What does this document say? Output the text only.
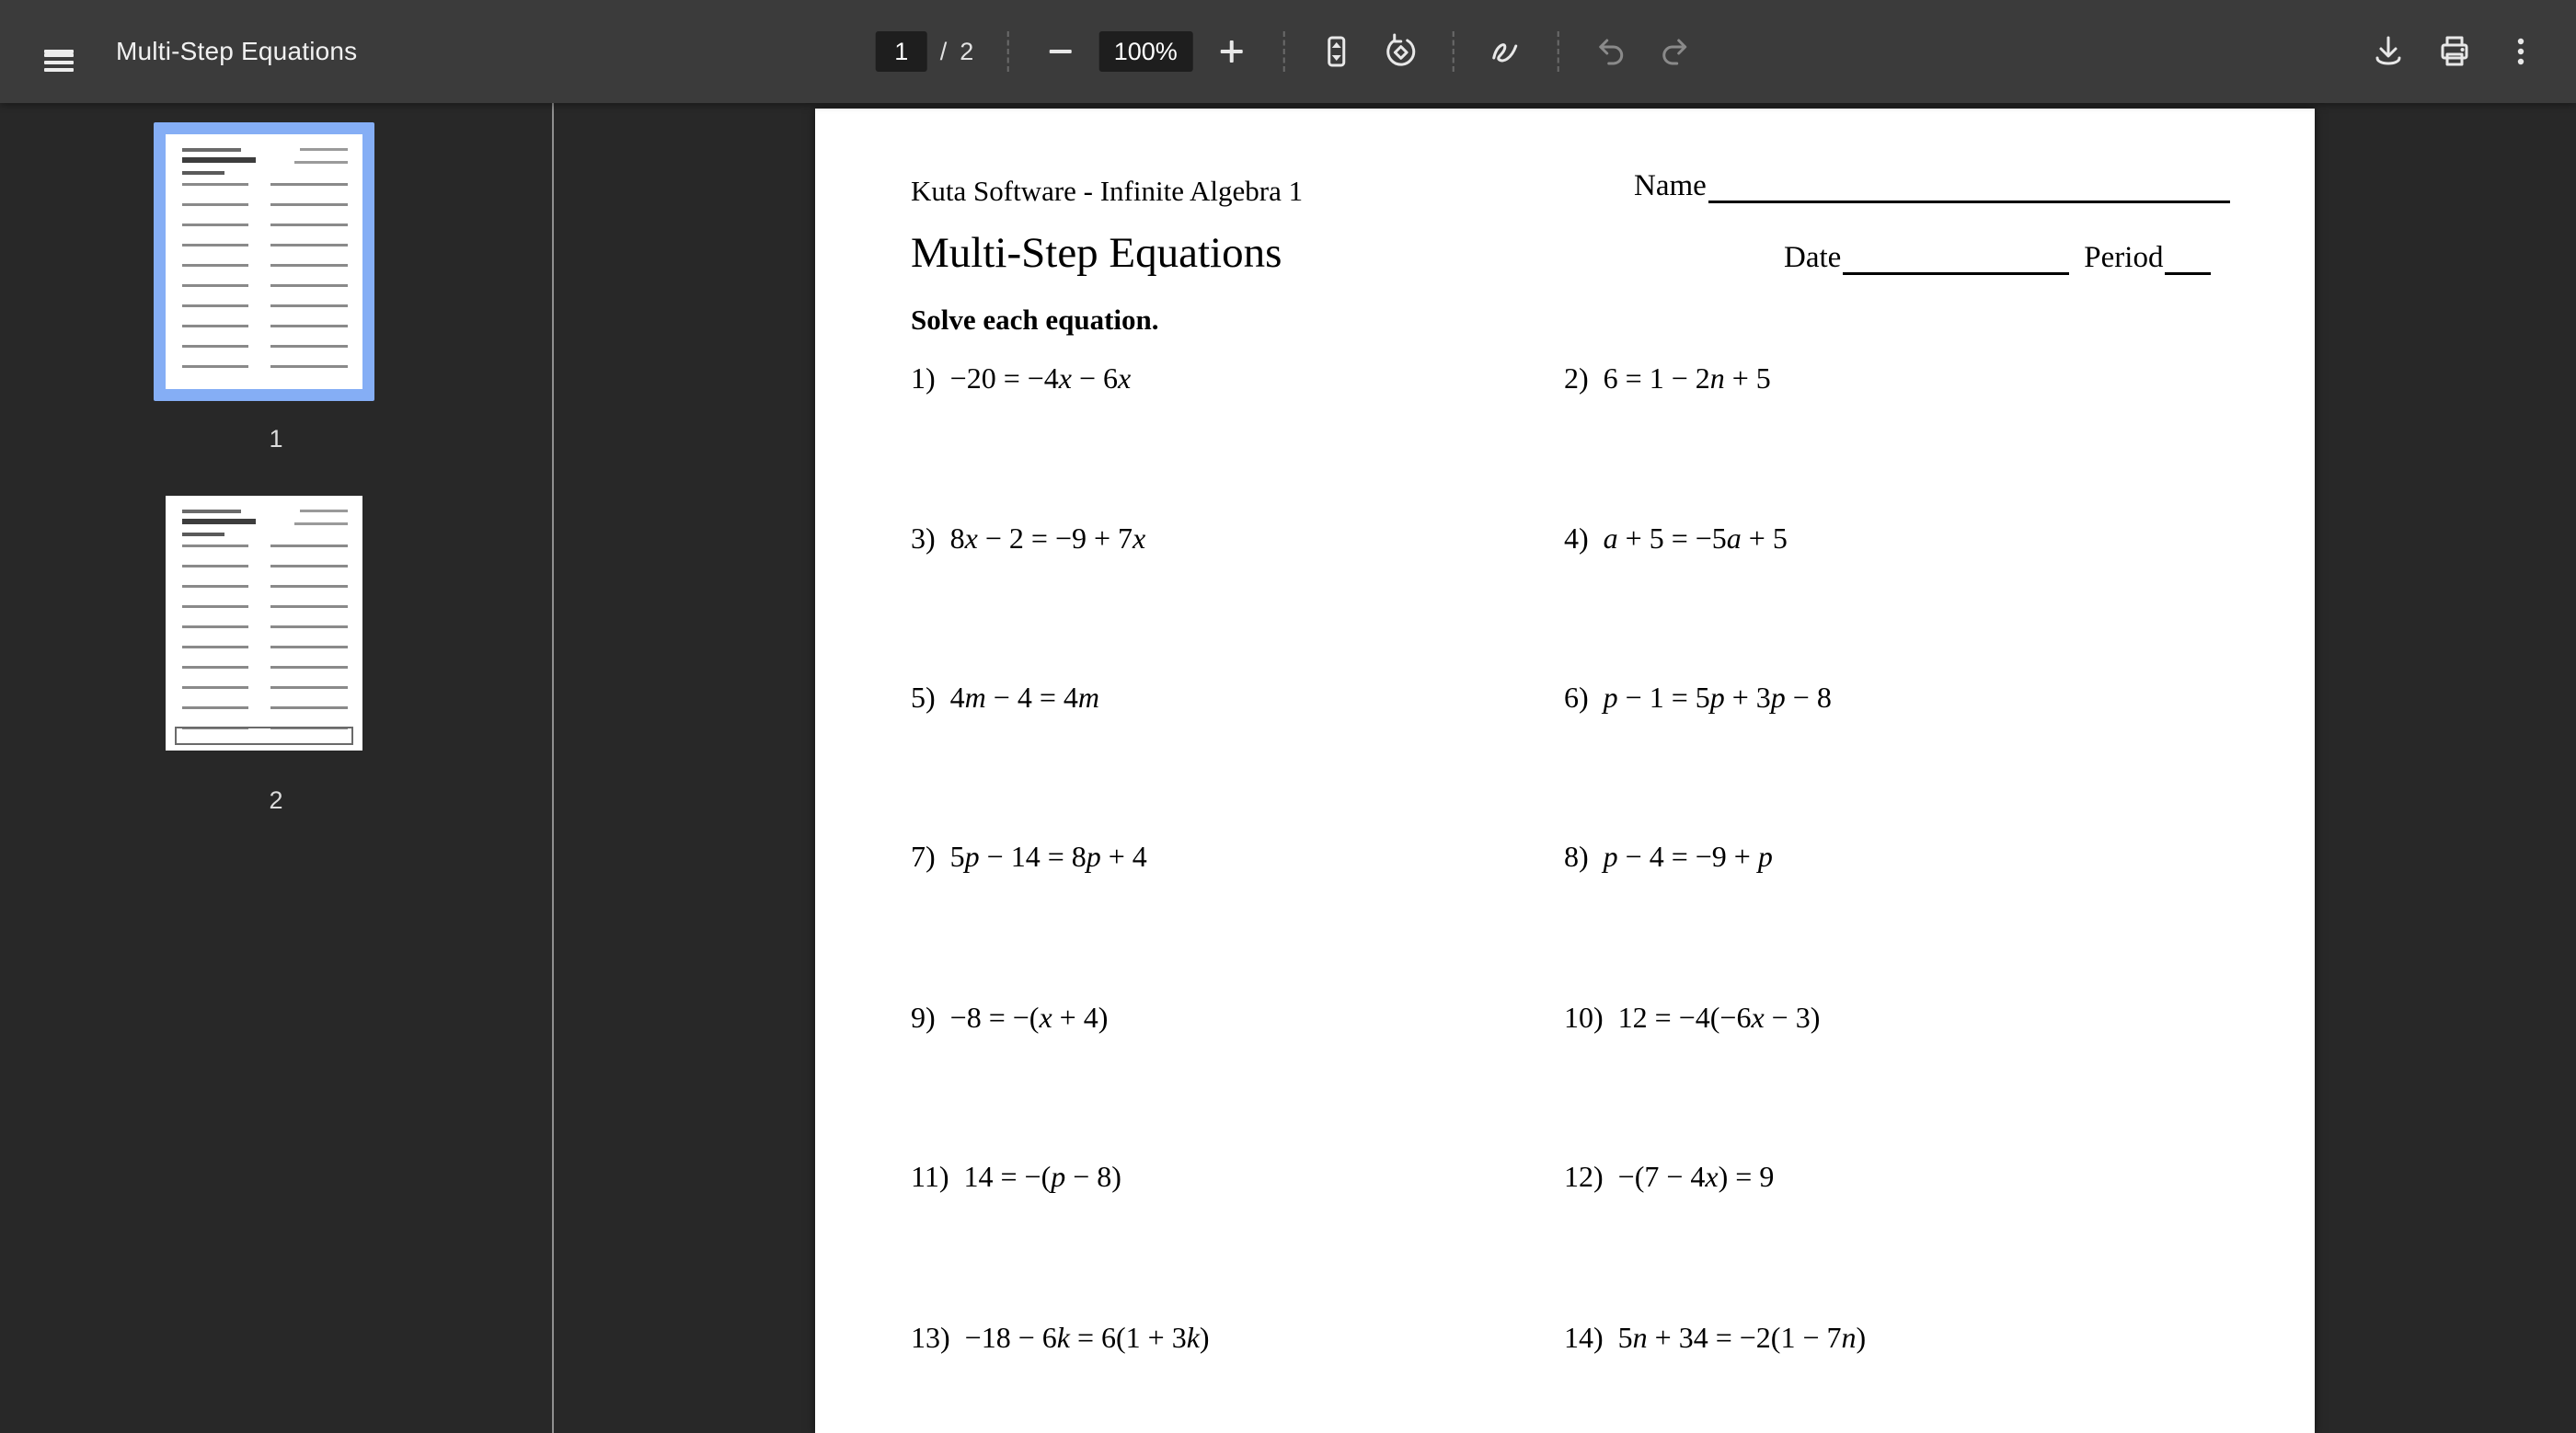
Multi-Step Equations
1	/ 2
100%
1
2
Kuta Software - Infinite Algebra 1	Name
Multi-Step Equations	Date	Period
Solve each equation.
1) −20 = −4x − 6x	2) 6 = 1 − 2n + 5
3) 8x − 2 = −9 + 7x	4) a + 5 = −5a + 5
5) 4m − 4 = 4m	6) p − 1 = 5p + 3p − 8
7) 5p − 14 = 8p + 4	8) p − 4 = −9 + p
9) −8 = −(x + 4)	10) 12 = −4(−6x − 3)
11) 14 = −(p − 8)	12) −(7 − 4x) = 9
13) −18 − 6k = 6(1 + 3k)	14) 5n + 34 = −2(1 − 7n)
